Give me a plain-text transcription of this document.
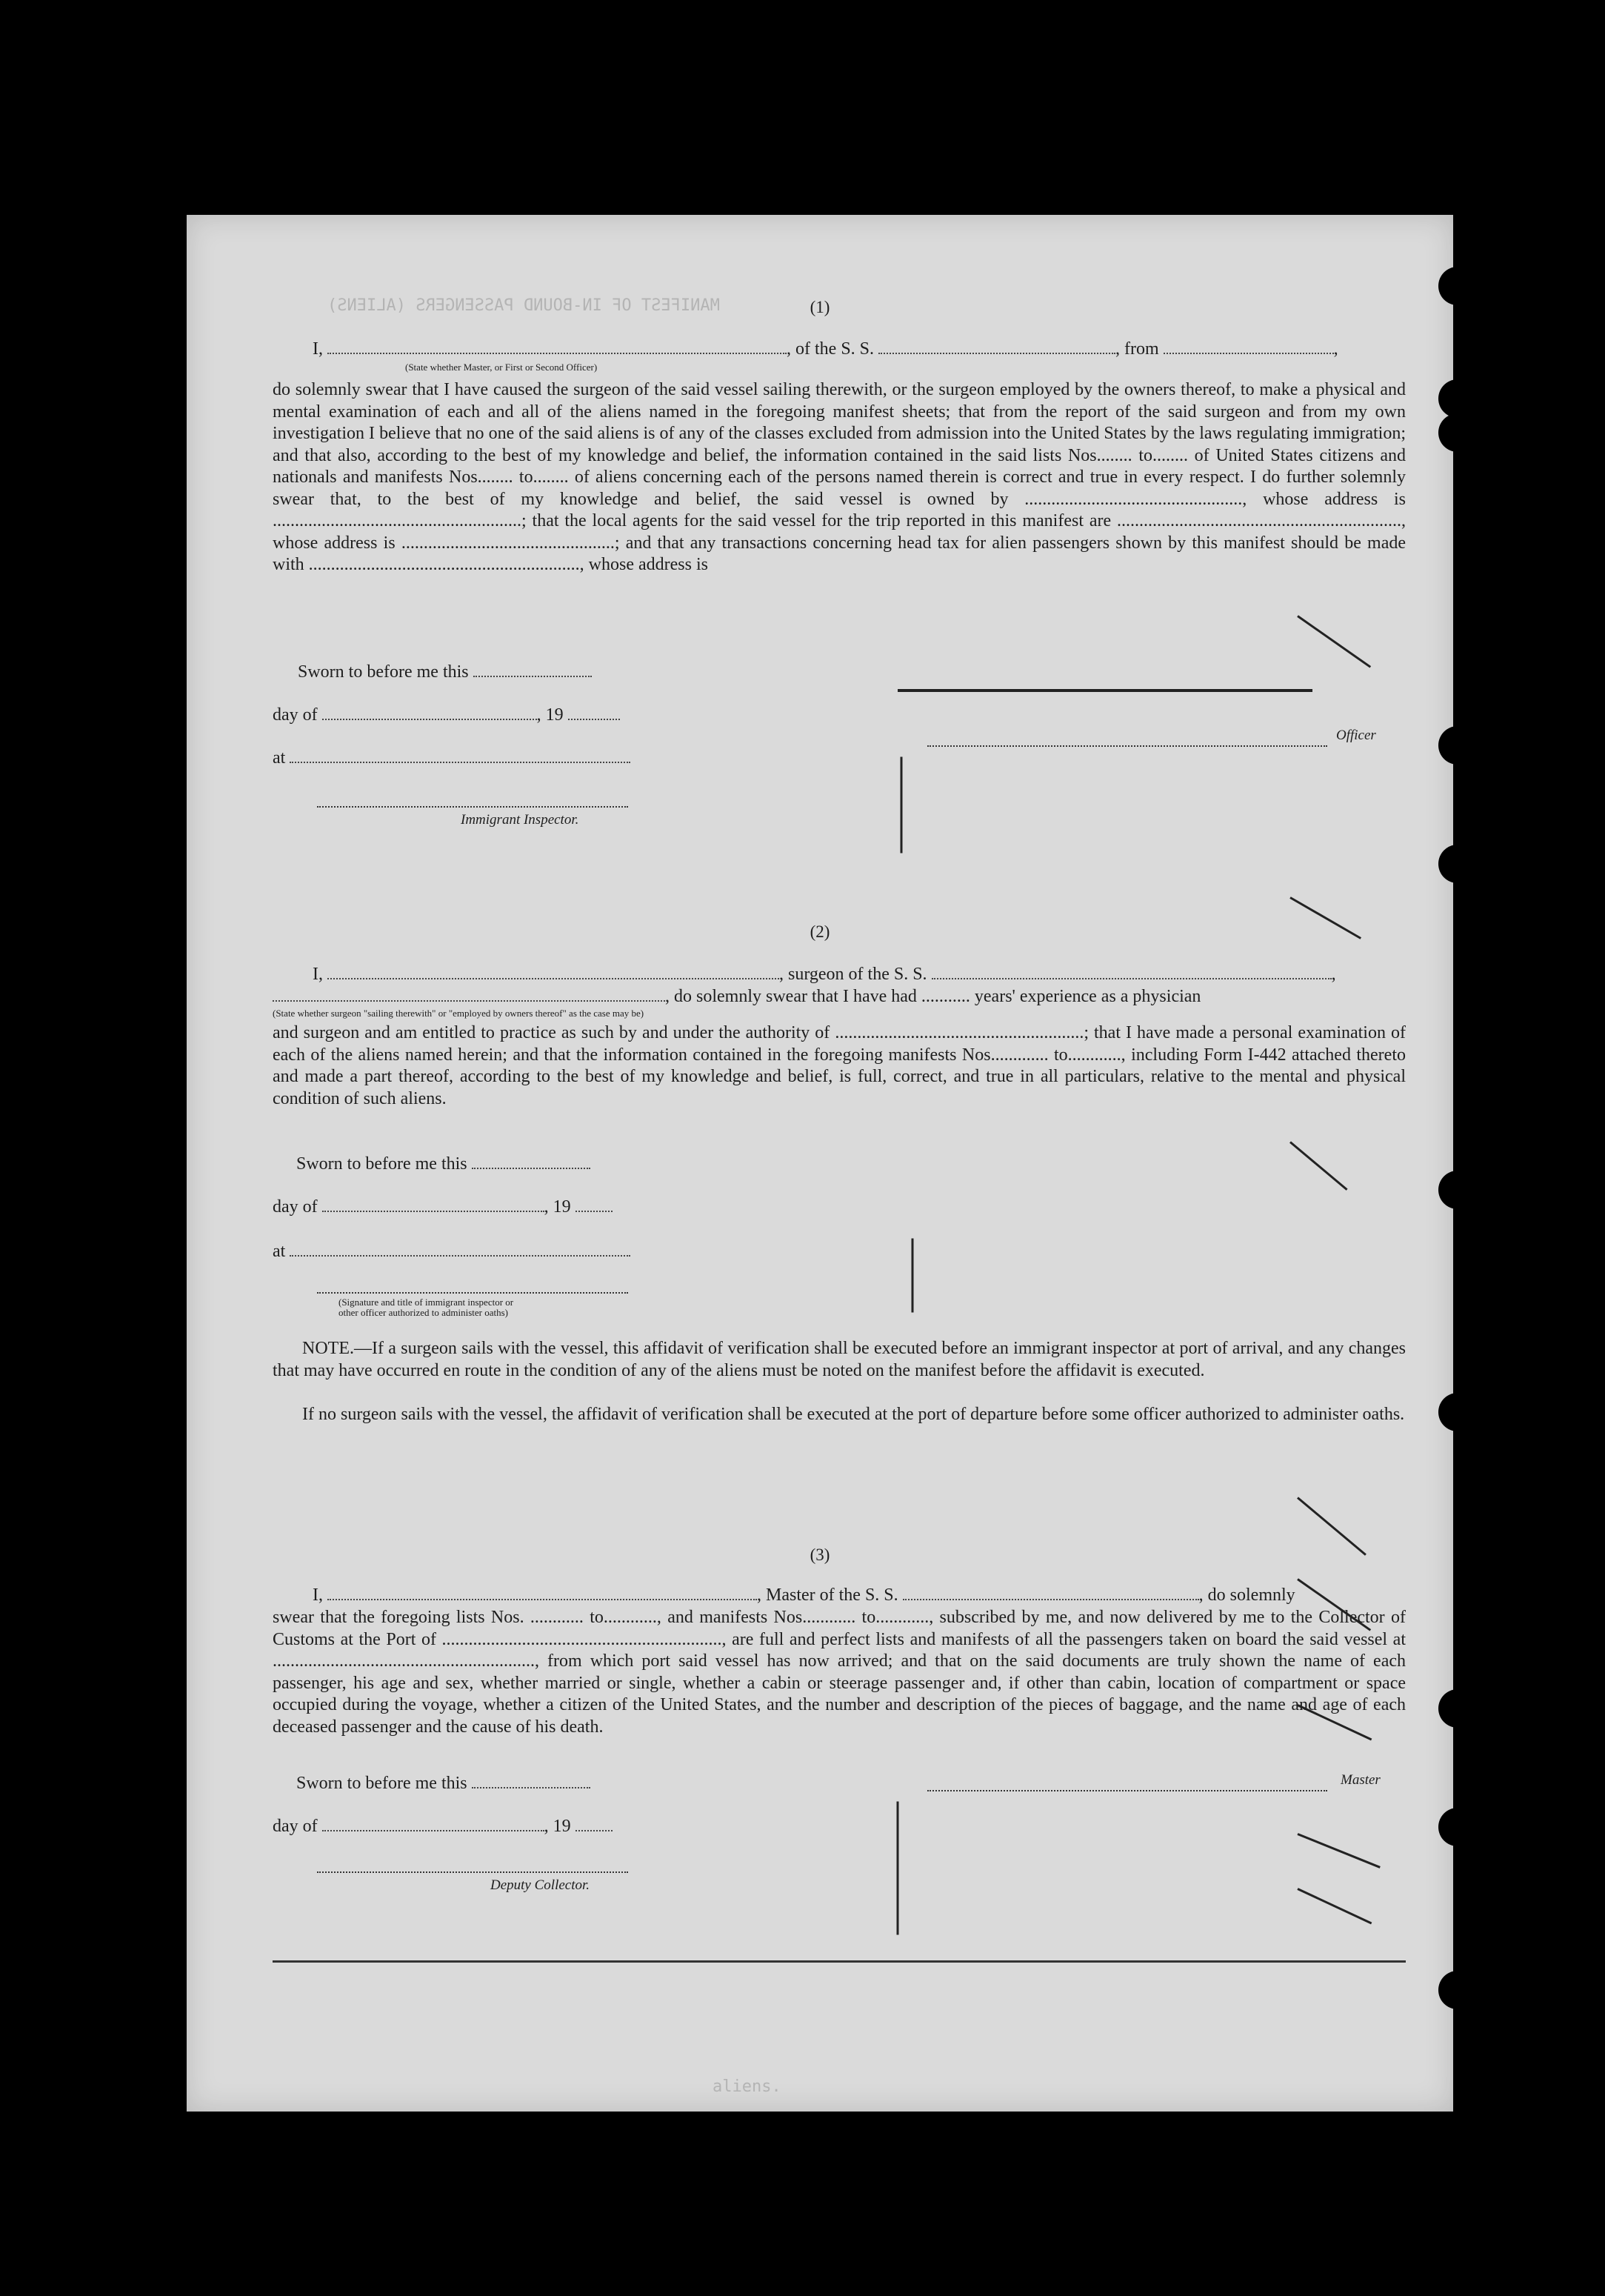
MANIFEST OF IN-BOUND PASSENGERS (ALIENS)
aliens.
(1)
I,	, of the S. S.	, from	,
(State whether Master, or First or Second Officer)
do solemnly swear that I have caused the surgeon of the said vessel sailing therewith, or the surgeon employed by the owners thereof, to make a physical and mental examination of each and all of the aliens named in the foregoing manifest sheets; that from the report of the said surgeon and from my own investigation I believe that no one of the said aliens is of any of the classes excluded from admission into the United States by the laws regulating immigration; and that also, according to the best of my knowledge and belief, the information contained in the said lists Nos........ to........ of United States citizens and nationals and manifests Nos........ to........ of aliens concerning each of the persons named therein is correct and true in every respect. I do further solemnly swear that, to the best of my knowledge and belief, the said vessel is owned by ................................................., whose address is ........................................................; that the local agents for the said vessel for the trip reported in this manifest are ................................................................, whose address is ................................................; and that any transactions concerning head tax for alien passengers shown by this manifest should be made with ............................................................., whose address is
Sworn to before me this
day of	, 19
at
Immigrant Inspector.
Officer
(2)
I,	, surgeon of the S. S.	,
, do solemnly swear that I have had ........... years' experience as a physician
(State whether surgeon "sailing therewith" or "employed by owners thereof" as the case may be)
and surgeon and am entitled to practice as such by and under the authority of ........................................................; that I have made a personal examination of each of the aliens named herein; and that the information contained in the foregoing manifests Nos............. to............, including Form I-442 attached thereto and made a part thereof, according to the best of my knowledge and belief, is full, correct, and true in all particulars, relative to the mental and physical condition of such aliens.
Sworn to before me this
day of	, 19
at
(Signature and title of immigrant inspector or
other officer authorized to administer oaths)
NOTE.—If a surgeon sails with the vessel, this affidavit of verification shall be executed before an immigrant inspector at port of arrival, and any changes that may have occurred en route in the condition of any of the aliens must be noted on the manifest before the affidavit is executed.
If no surgeon sails with the vessel, the affidavit of verification shall be executed at the port of departure before some officer authorized to administer oaths.
(3)
I,	, Master of the S. S.	, do solemnly
swear that the foregoing lists Nos. ............ to............, and manifests Nos............ to............, subscribed by me, and now delivered by me to the Collector of Customs at the Port of ..............................................................., are full and perfect lists and manifests of all the passengers taken on board the said vessel at ..........................................................., from which port said vessel has now arrived; and that on the said documents are truly shown the name of each passenger, his age and sex, whether married or single, whether a cabin or steerage passenger and, if other than cabin, location of compartment or space occupied during the voyage, whether a citizen of the United States, and the number and description of the pieces of baggage, and the name and age of each deceased passenger and the cause of his death.
Sworn to before me this	Master
day of	, 19
Deputy Collector.
